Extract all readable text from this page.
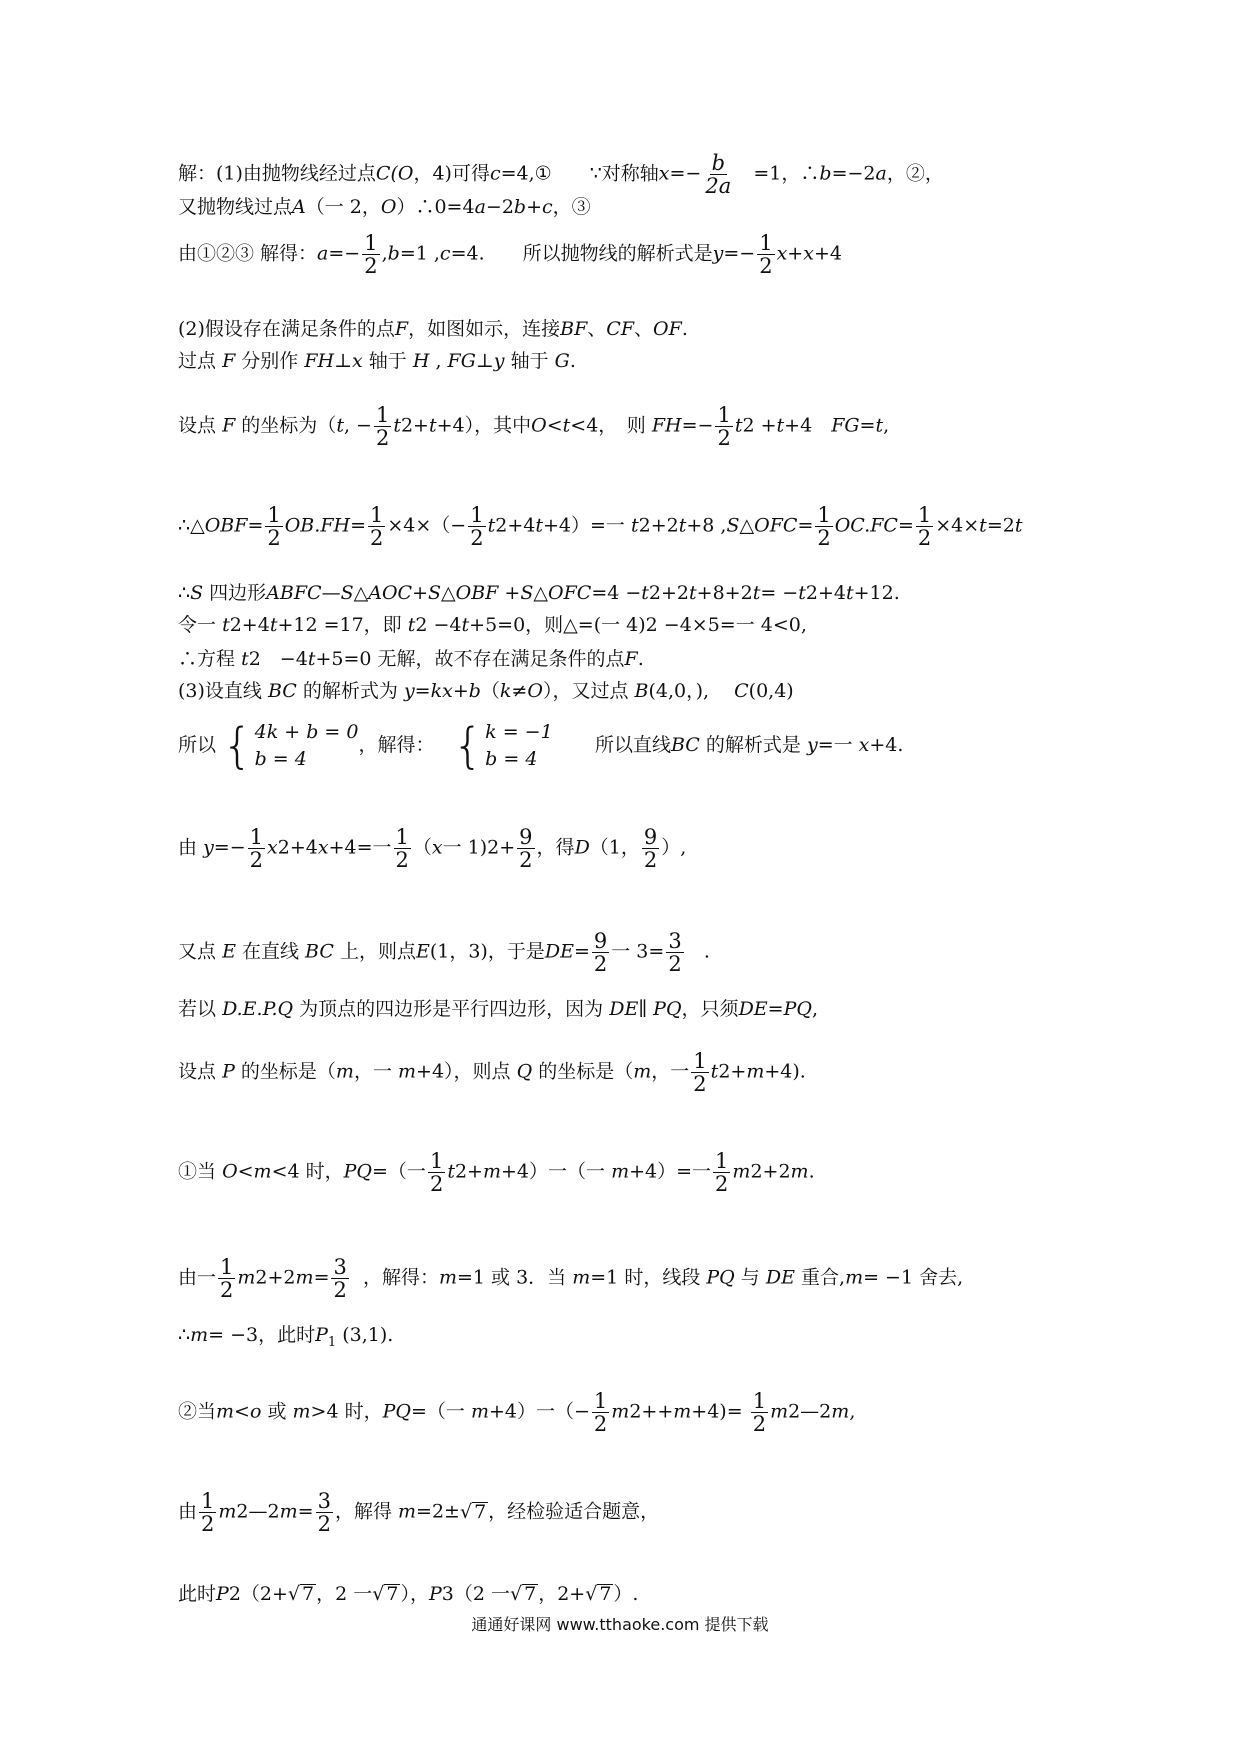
解：(1)由抛物线经过点C(O，4)可得c=4,①　　∵对称轴$x=- \frac{b}{2a} =1$，∴b=−2a，②，
又抛物线过点A（一 2，O）∴0=4a−2b+c，③
由①②③ 解得：$a=- \frac{1}{2} ,b=1$ ,c=4.　　所以抛物线的解析式是$y=- \frac{1}{2} x+x+4$
(2)假设存在满足条件的点F，如图如示，连接BF、CF、OF.
过点 F 分别作 FH⊥x 轴于 H , FG⊥y 轴于 G.
设点 F 的坐标为（t, − $\frac{1}{2} t2+t+4$），其中O<t<4，　则 $FH=- \frac{1}{2} t2 +t+4$　FG=t,
∴△OBF= $\frac{1}{2} OB.FH= \frac{1}{2} \times 4\times(- \frac{1}{2} t2+4t+4)=$一 t2+2t+8 ,S△OFC= $\frac{1}{2} OC.FC= \frac{1}{2} \times 4\times t=2t$
∴S 四边形ABFC—S△AOC+S△OBF +S△OFC=4 −t2+2t+8+2t= −t2+4t+12.
令一 t2+4t+12 =17，即 t2 −4t+5=0，则△=(一 4)2 −4×5=一 4<0,
∴方程 t2　−4t+5=0 无解，故不存在满足条件的点F.
(3)设直线 BC 的解析式为 y=kx+b（k≠O），又过点 B(4,0，),　 C(0,4)
所以 { 4k + b = 0
b = 4
，解得： { k = −1
b = 4
所以直线BC 的解析式是 y=一 x+4.
由 $y=- \frac{1}{2} x2+4x+4=$一 $\frac{1}{2} (x$一 $1)2+ \frac{9}{2}$ ，得D（1， $\frac{9}{2}$ ）,
又点 E 在直线 BC 上，则点E(1，3)，于是$DE= \frac{9}{2}$ 一 $3= \frac{3}{2}$ .
若以 D.E.P.Q 为顶点的四边形是平行四边形，因为 DE∥ PQ，只须DE=PQ,
设点 P 的坐标是（m，一 m+4），则点 Q 的坐标是（m，一 $\frac{1}{2} t2+m+4$).
①当 O<m<4 时，PQ=（一 $\frac{1}{2} t2+m+4$）一（一 m+4）=一 $\frac{1}{2} m2+2m$.
由一 $\frac{1}{2} m2+2m= \frac{3}{2}$ ，解得：m=1 或 3．当 m=1 时，线段 PQ 与 DE 重合,m= −1 舍去,
∴m= −3，此时$P_1$ (3,1).
②当m<o 或 m>4 时，PQ=（一 m+4）一（− $\frac{1}{2} m2++m+4)= \frac{1}{2}$ m2—2m,
由 $\frac{1}{2}$ m2—2m= $\frac{3}{2}$ ，解得 m=2± √ 7 ，经检验适合题意，
此时P2（2+ √ 7 ，2 一 √ 7 ），P3（2 一 √ 7 ，2+ √ 7 ）.
通通好课网 www.tthaoke.com 提供下载
